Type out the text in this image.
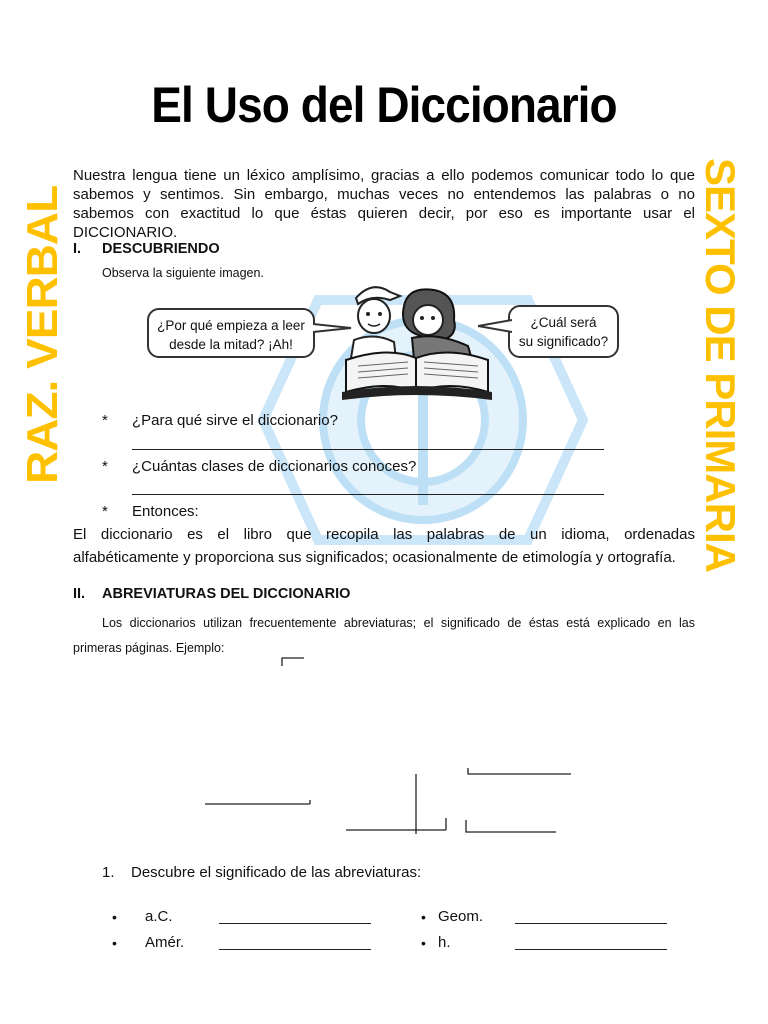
El Uso del Diccionario
RAZ. VERBAL	SEXTO DE PRIMARIA
Nuestra lengua tiene un léxico amplísimo, gracias a ello podemos comunicar todo lo que
sabemos y sentimos. Sin embargo, muchas veces no entendemos las palabras o no
sabemos con exactitud lo que éstas quieren decir, por eso es importante usar el
DICCIONARIO.
I. DESCUBRIENDO
Observa la siguiente imagen.
¿Por qué empieza a leer
desde la mitad? ¡Ah!
¿Cuál será
su significado?
* ¿Para qué sirve el diccionario?
* ¿Cuántas clases de diccionarios conoces?
* Entonces:
El diccionario es el libro que recopila las palabras de un idioma, ordenadas
alfabéticamente y proporciona sus significados; ocasionalmente de etimología y ortografía.
II. ABREVIATURAS DEL DICCIONARIO
Los diccionarios utilizan frecuentemente abreviaturas; el significado de éstas está explicado en las
primeras páginas. Ejemplo:
1. Descubre el significado de las abreviaturas:
• a.C.	• Geom.
• Amér.	• h.
